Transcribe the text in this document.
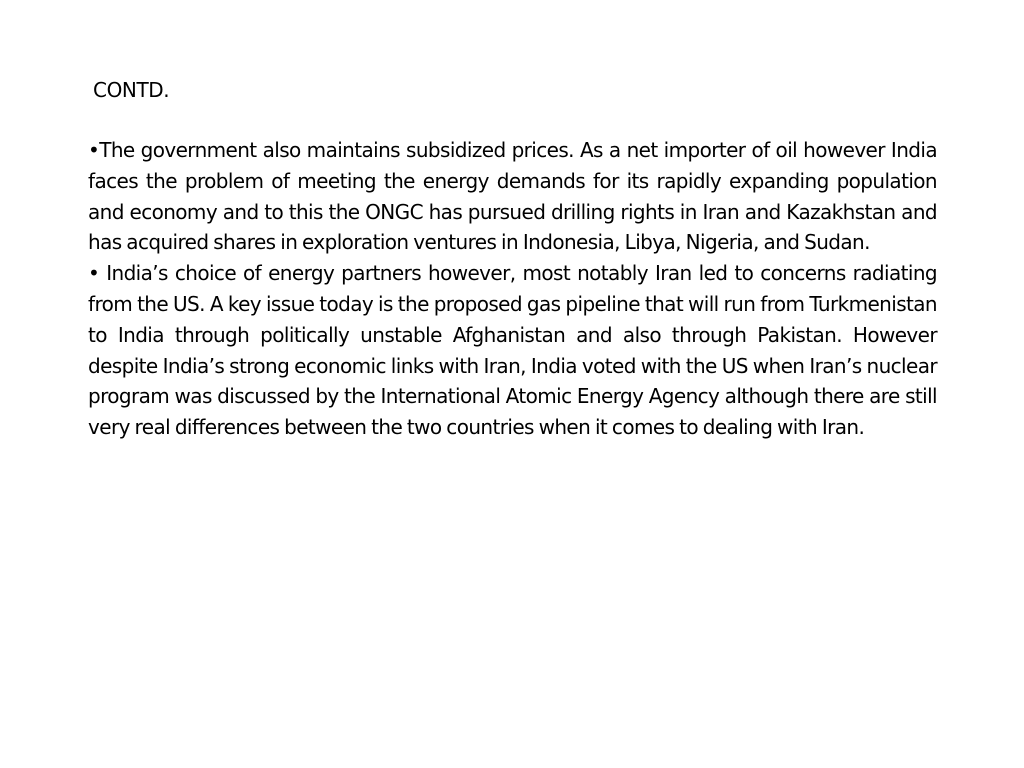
CONTD.

•The government also maintains subsidized prices. As a net importer of oil however India faces the problem of meeting the energy demands for its rapidly expanding population and economy and to this the ONGC has pursued drilling rights in Iran and Kazakhstan and has acquired shares in exploration ventures in Indonesia, Libya, Nigeria, and Sudan.

• India’s choice of energy partners however, most notably Iran led to concerns radiating from the US. A key issue today is the proposed gas pipeline that will run from Turkmenistan to India through politically unstable Afghanistan and also through Pakistan. However despite India’s strong economic links with Iran, India voted with the US when Iran’s nuclear program was discussed by the International Atomic Energy Agency although there are still very real differences between the two countries when it comes to dealing with Iran.
